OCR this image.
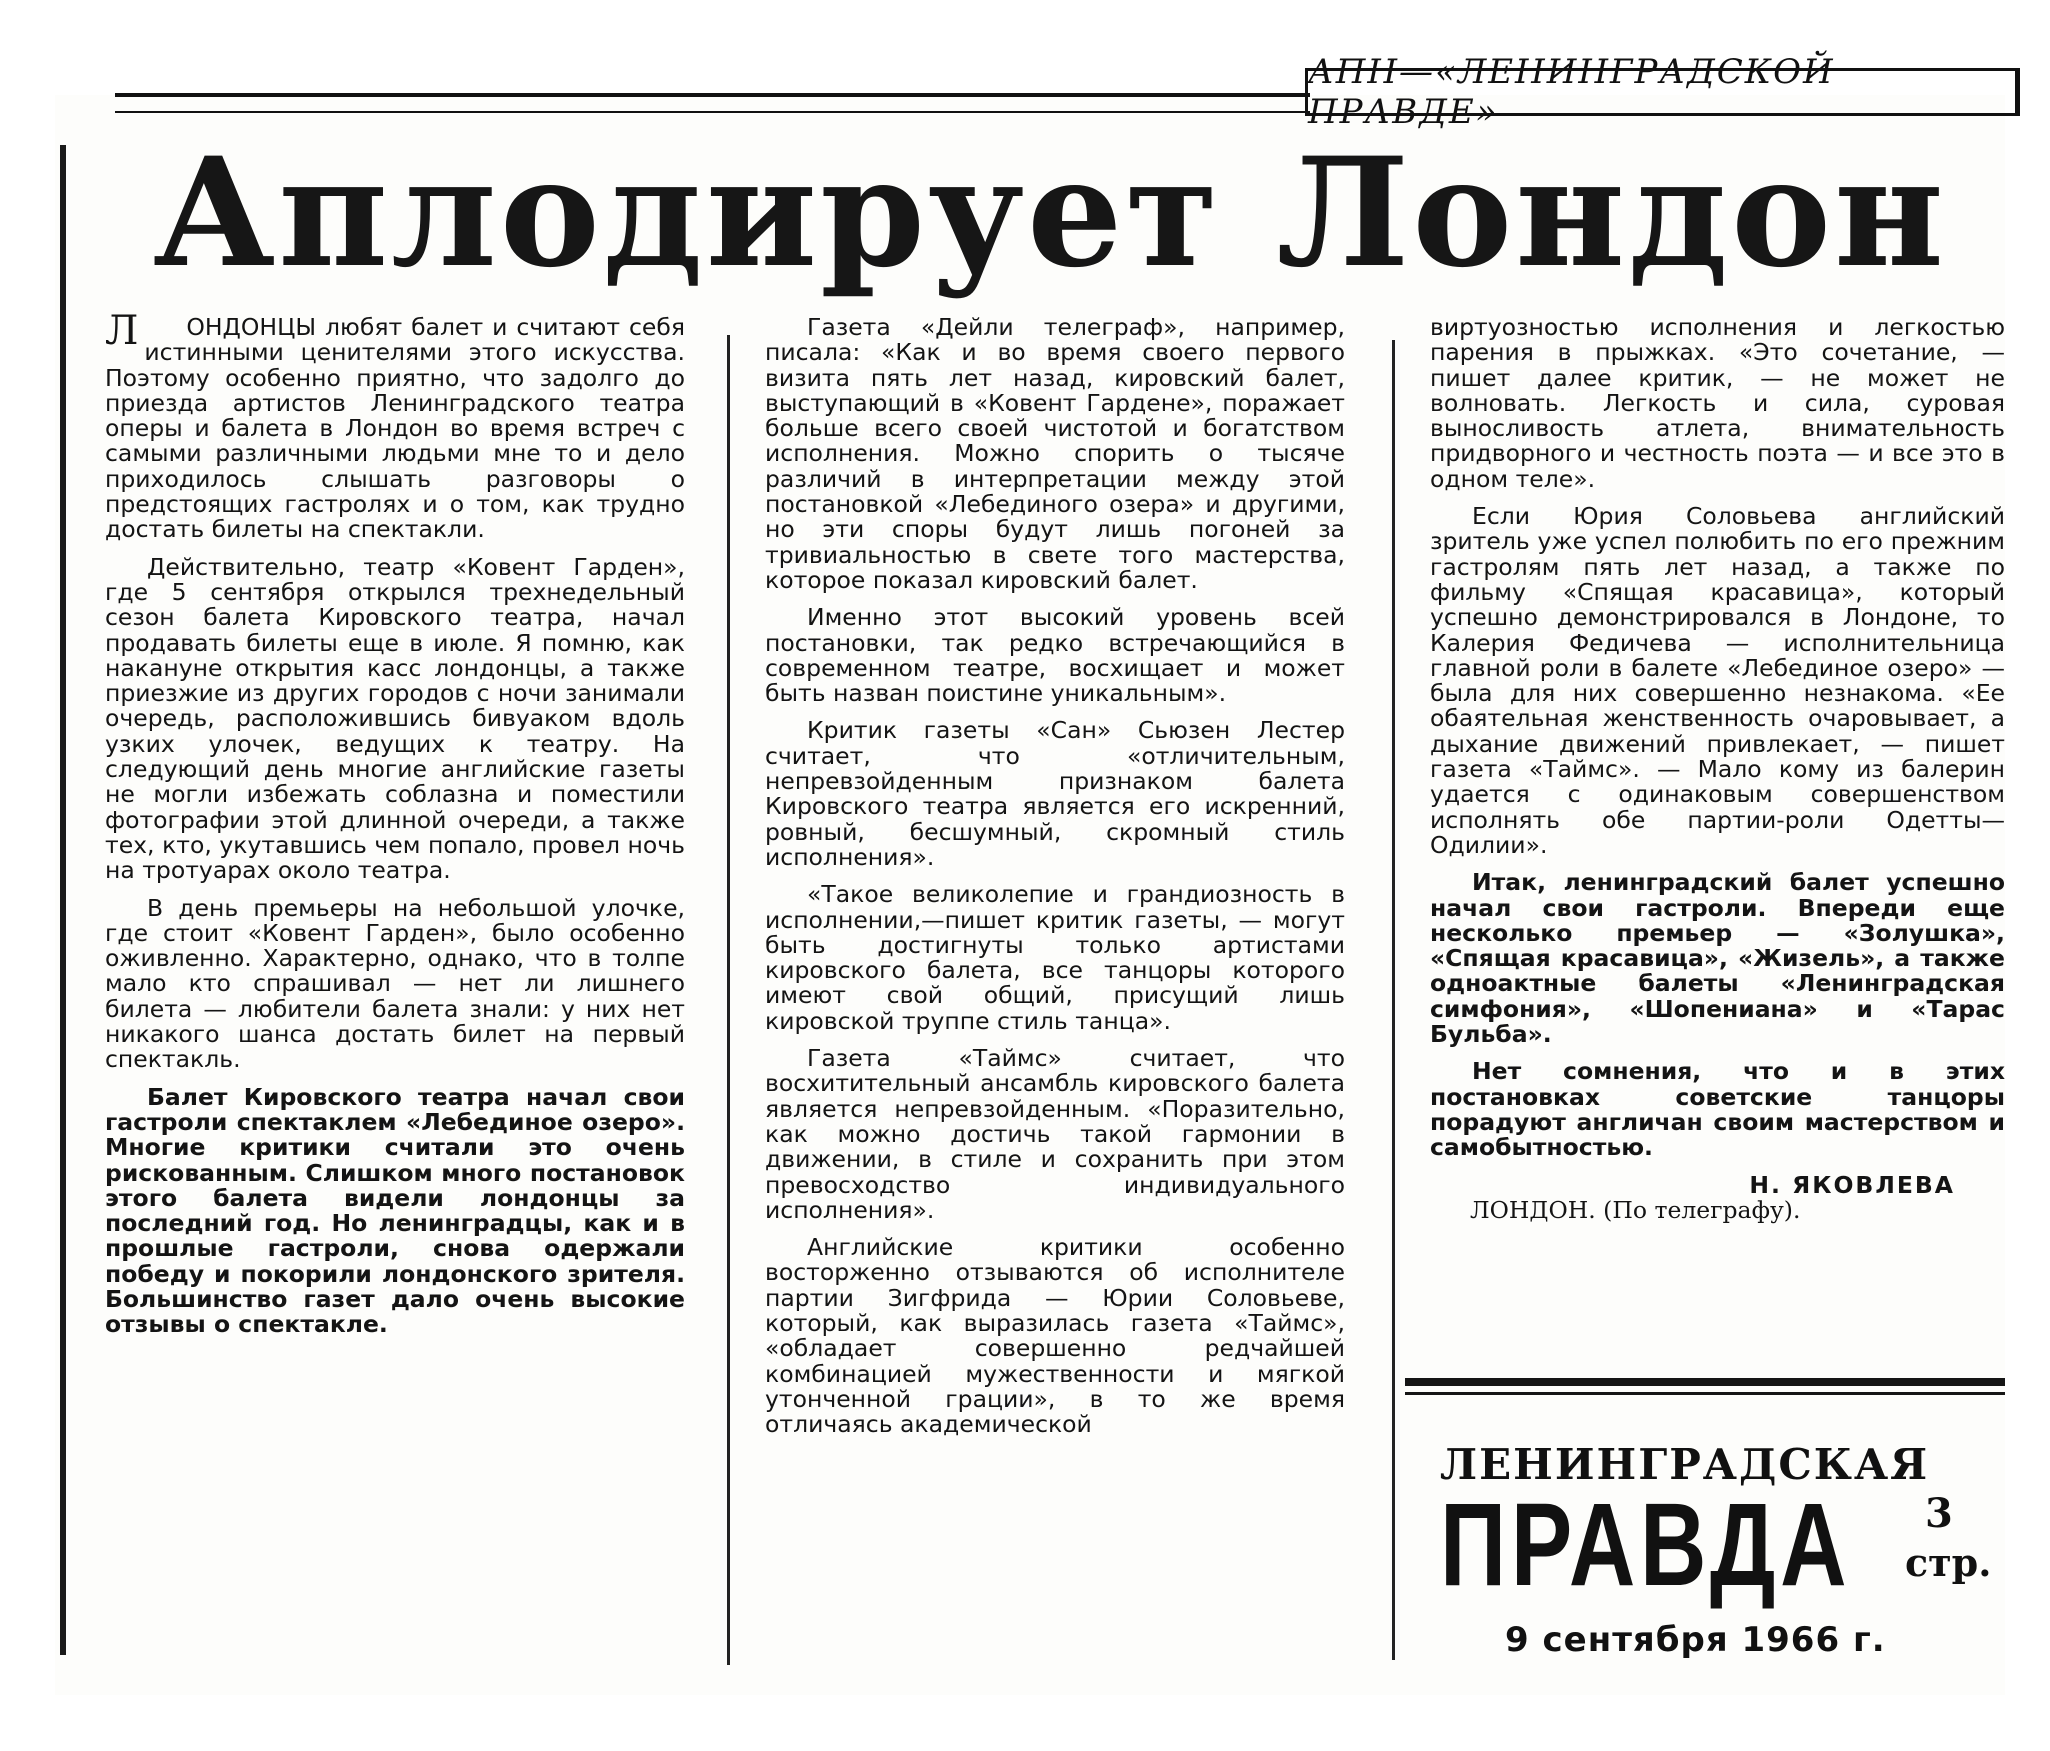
АПН—«ЛЕНИНГРАДСКОЙ ПРАВДЕ»
Аплодирует Лондон

Л ОНДОНЦЫ любят балет и считают себя истинными ценителями этого искусства. Поэтому особенно приятно, что задолго до приезда артистов Ленинградского театра оперы и балета в Лондон во время встреч с самыми различными людьми мне то и дело приходилось слышать разговоры о предстоящих гастролях и о том, как трудно достать билеты на спектакли.

Действительно, театр «Ковент Гарден», где 5 сентября открылся трехнедельный сезон балета Кировского театра, начал продавать билеты еще в июле. Я помню, как накануне открытия касс лондонцы, а также приезжие из других городов с ночи занимали очередь, расположившись бивуаком вдоль узких улочек, ведущих к театру. На следующий день многие английские газеты не могли избежать соблазна и поместили фотографии этой длинной очереди, а также тех, кто, укутавшись чем попало, провел ночь на тротуарах около театра.

В день премьеры на небольшой улочке, где стоит «Ковент Гарден», было особенно оживленно. Характерно, однако, что в толпе мало кто спрашивал — нет ли лишнего билета — любители балета знали: у них нет никакого шанса достать билет на первый спектакль.

Балет Кировского театра начал свои гастроли спектаклем «Лебединое озеро». Многие критики считали это очень рискованным. Слишком много постановок этого балета видели лондонцы за последний год. Но ленинградцы, как и в прошлые гастроли, снова одержали победу и покорили лондонского зрителя. Большинство газет дало очень высокие отзывы о спектакле.

Газета «Дейли телеграф», например, писала: «Как и во время своего первого визита пять лет назад, кировский балет, выступающий в «Ковент Гардене», поражает больше всего своей чистотой и богатством исполнения. Можно спорить о тысяче различий в интерпретации между этой постановкой «Лебединого озера» и другими, но эти споры будут лишь погоней за тривиальностью в свете того мастерства, которое показал кировский балет.

Именно этот высокий уровень всей постановки, так редко встречающийся в современном театре, восхищает и может быть назван поистине уникальным».

Критик газеты «Сан» Сьюзен Лестер считает, что «отличительным, непревзойденным признаком балета Кировского театра является его искренний, ровный, бесшумный, скромный стиль исполнения».

«Такое великолепие и грандиозность в исполнении,—пишет критик газеты, — могут быть достигнуты только артистами кировского балета, все танцоры которого имеют свой общий, присущий лишь кировской труппе стиль танца».

Газета «Таймс» считает, что восхитительный ансамбль кировского балета является непревзойденным. «Поразительно, как можно достичь такой гармонии в движении, в стиле и сохранить при этом превосходство индивидуального исполнения».

Английские критики особенно восторженно отзываются об исполнителе партии Зигфрида — Юрии Соловьеве, который, как выразилась газета «Таймс», «обладает совершенно редчайшей комбинацией мужественности и мягкой утонченной грации», в то же время отличаясь академической

виртуозностью исполнения и легкостью парения в прыжках. «Это сочетание, — пишет далее критик, — не может не волновать. Легкость и сила, суровая выносливость атлета, внимательность придворного и честность поэта — и все это в одном теле».

Если Юрия Соловьева английский зритель уже успел полюбить по его прежним гастролям пять лет назад, а также по фильму «Спящая красавица», который успешно демонстрировался в Лондоне, то Калерия Федичева — исполнительница главной роли в балете «Лебединое озеро» — была для них совершенно незнакома. «Ее обаятельная женственность очаровывает, а дыхание движений привлекает, — пишет газета «Таймс». — Мало кому из балерин удается с одинаковым совершенством исполнять обе партии-роли Одетты—Одилии».

Итак, ленинградский балет успешно начал свои гастроли. Впереди еще несколько премьер — «Золушка», «Спящая красавица», «Жизель», а также одноактные балеты «Ленинградская симфония», «Шопениана» и «Тарас Бульба».

Нет сомнения, что и в этих постановках советские танцоры порадуют англичан своим мастерством и самобытностью.

Н. ЯКОВЛЕВА

ЛОНДОН. (По телеграфу).

ЛЕНИНГРАДСКАЯ
ПРАВДА 3
стр.
9 сентября 1966 г.
